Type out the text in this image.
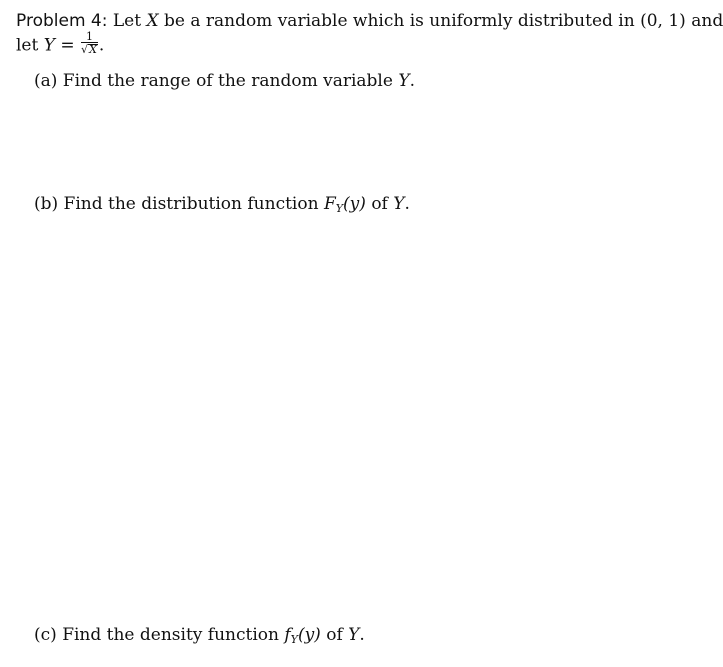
Problem 4: Let X be a random variable which is uniformly distributed in (0, 1) and
let $Y = \frac{1}{√X}$ .
(a) Find the range of the random variable Y.
(b) Find the distribution function $F_Y(y)$ of Y.
(c) Find the density function $f_Y(y)$ of Y.
